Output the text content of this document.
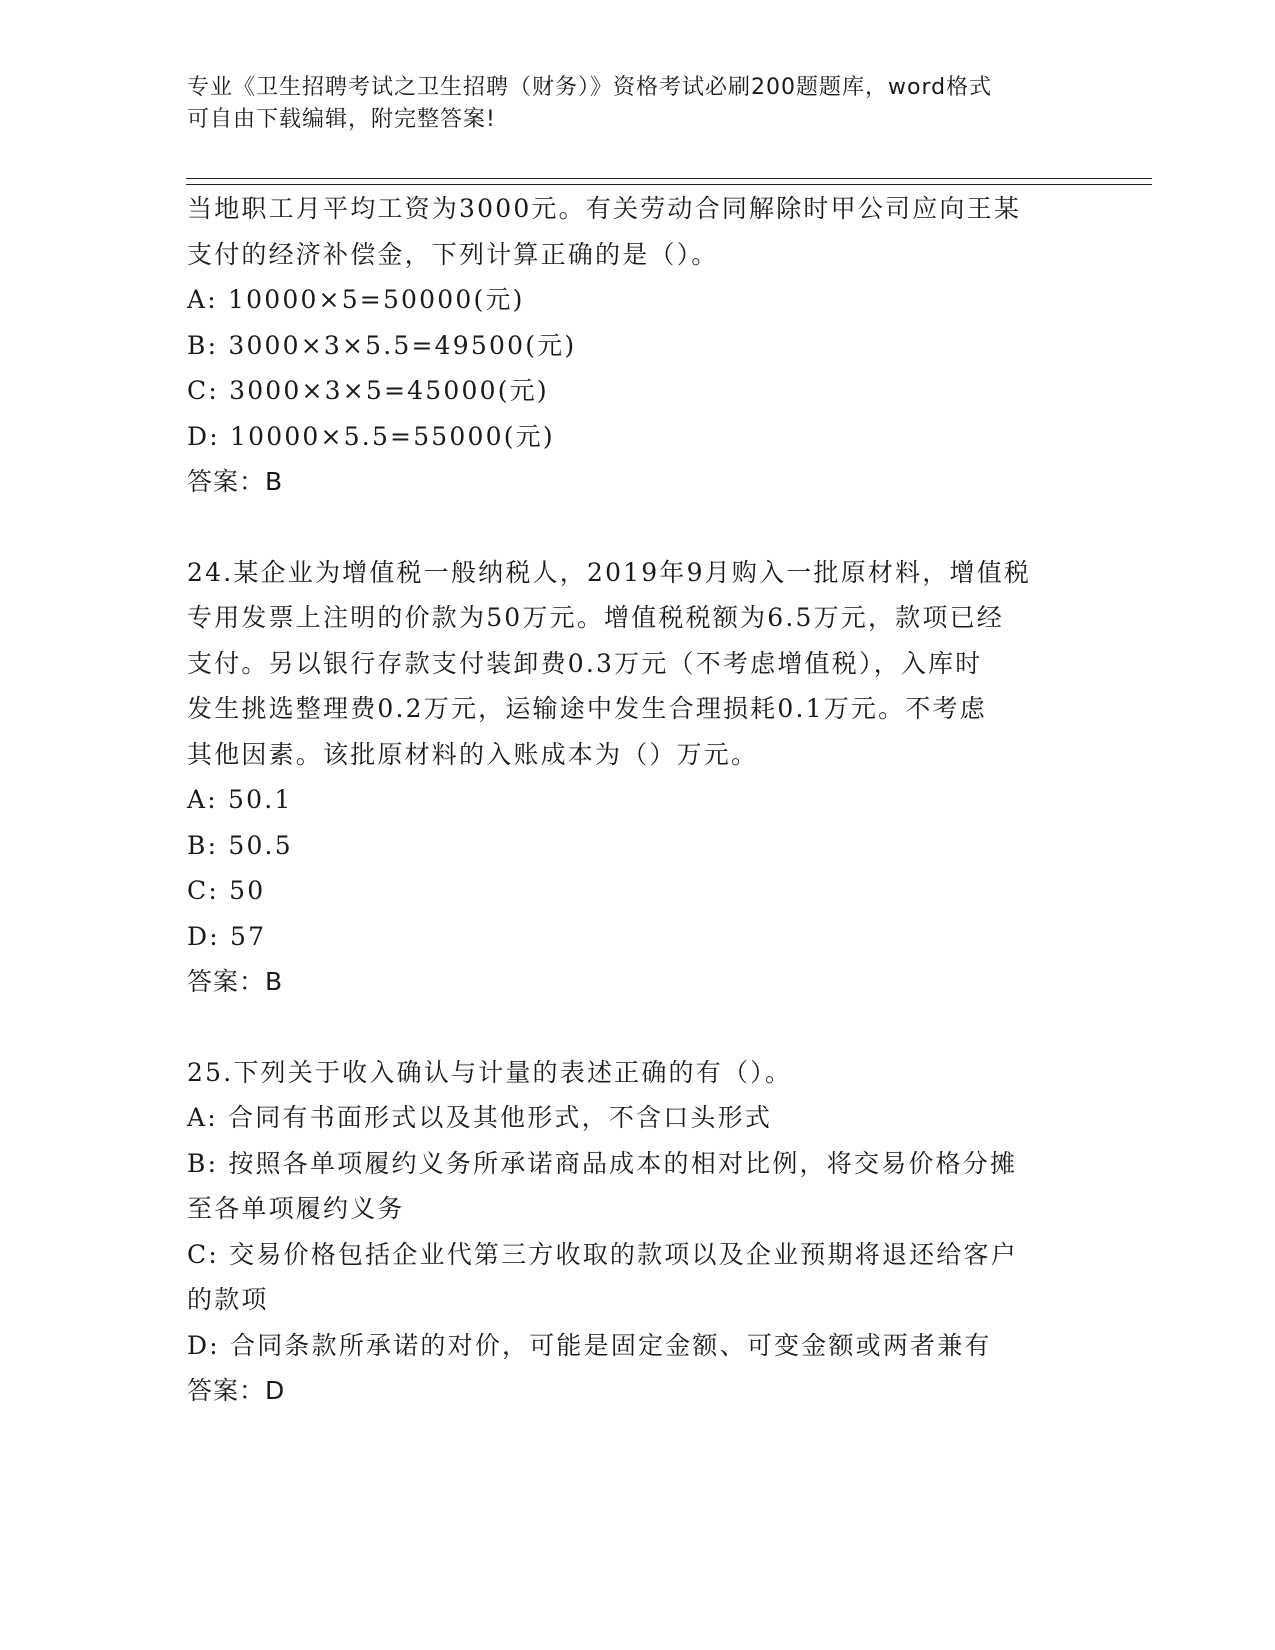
专业《卫生招聘考试之卫生招聘（财务）》资格考试必刷200题题库，word格式
可自由下载编辑，附完整答案!
当地职工月平均工资为3000元。有关劳动合同解除时甲公司应向王某
支付的经济补偿金，下列计算正确的是（）。
A: 10000×5=50000(元)
B: 3000×3×5.5=49500(元)
C: 3000×3×5=45000(元)
D: 10000×5.5=55000(元)
答案：B
24.某企业为增值税一般纳税人，2019年9月购入一批原材料，增值税
专用发票上注明的价款为50万元。增值税税额为6.5万元，款项已经
支付。另以银行存款支付装卸费0.3万元（不考虑增值税），入库时
发生挑选整理费0.2万元，运输途中发生合理损耗0.1万元。不考虑
其他因素。该批原材料的入账成本为（）万元。
A: 50.1
B: 50.5
C: 50
D: 57
答案：B
25.下列关于收入确认与计量的表述正确的有（）。
A: 合同有书面形式以及其他形式，不含口头形式
B: 按照各单项履约义务所承诺商品成本的相对比例，将交易价格分摊
至各单项履约义务
C: 交易价格包括企业代第三方收取的款项以及企业预期将退还给客户
的款项
D: 合同条款所承诺的对价，可能是固定金额、可变金额或两者兼有
答案：D
